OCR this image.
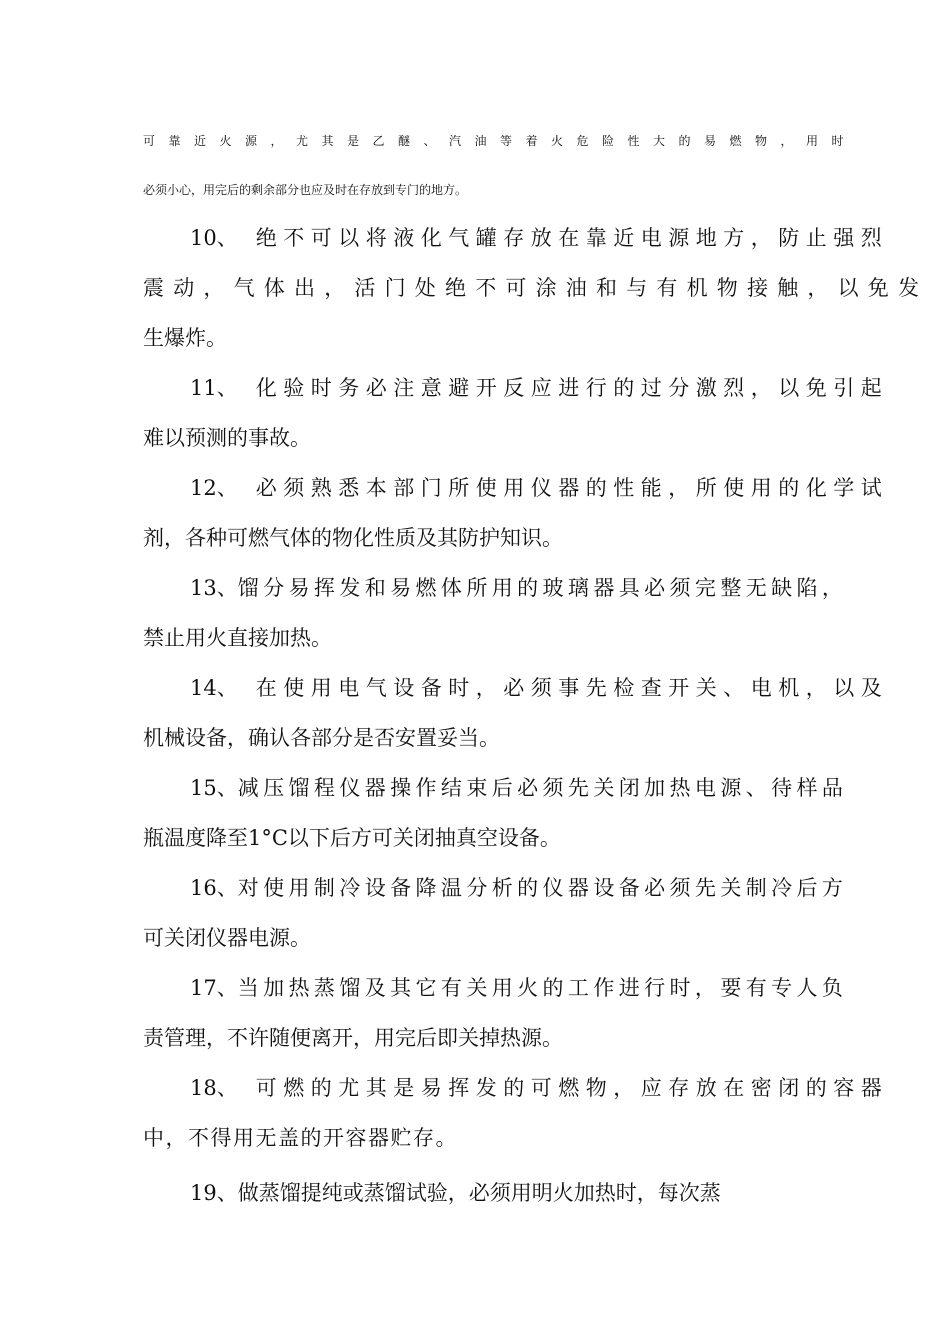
可靠近火源，尤其是乙醚、汽油等着火危险性大的易燃物，用时
必须小心，用完后的剩余部分也应及时在存放到专门的地方。
10、 绝不可以将液化气罐存放在靠近电源地方，防止强烈
震动，气体出，活门处绝不可涂油和与有机物接触，以免发
生爆炸。
11、 化验时务必注意避开反应进行的过分激烈，以免引起
难以预测的事故。
12、 必须熟悉本部门所使用仪器的性能，所使用的化学试
剂，各种可燃气体的物化性质及其防护知识。
13、馏分易挥发和易燃体所用的玻璃器具必须完整无缺陷，
禁止用火直接加热。
14、 在使用电气设备时，必须事先检查开关、电机，以及
机械设备，确认各部分是否安置妥当。
15、减压馏程仪器操作结束后必须先关闭加热电源、待样品
瓶温度降至1°C以下后方可关闭抽真空设备。
16、对使用制冷设备降温分析的仪器设备必须先关制冷后方
可关闭仪器电源。
17、当加热蒸馏及其它有关用火的工作进行时，要有专人负
责管理，不许随便离开，用完后即关掉热源。
18、 可燃的尤其是易挥发的可燃物，应存放在密闭的容器
中，不得用无盖的开容器贮存。
19、做蒸馏提纯或蒸馏试验，必须用明火加热时，每次蒸
